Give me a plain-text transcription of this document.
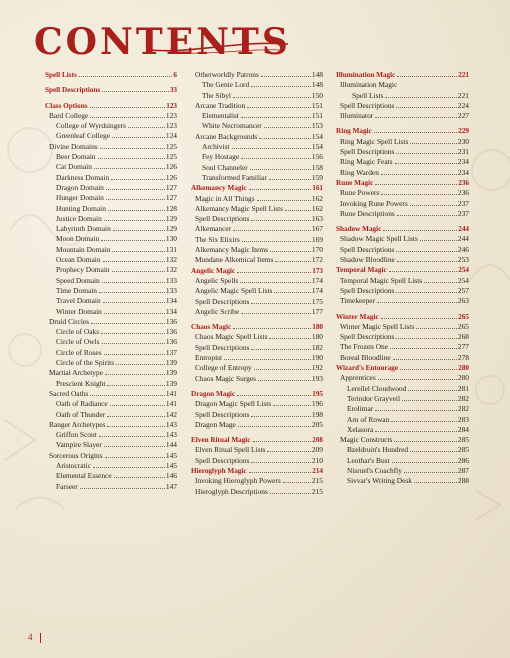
CONTENTS
Spell Lists	6
Spell Descriptions	33
Class Options	123
Bard College	123
College of Wyrdsingers	123
Greenleaf College	124
Divine Domains	125
Beer Domain	125
Cat Domain	126
Darkness Domain	126
Dragon Domain	127
Hunger Domain	127
Hunting Domain	128
Justice Domain	129
Labyrinth Domain	129
Moon Domain	130
Mountain Domain	131
Ocean Domain	132
Prophecy Domain	132
Speed Domain	133
Time Domain	133
Travel Domain	134
Winter Domain	134
Druid Circles	136
Circle of Oaks	136
Circle of Owls	136
Circle of Roses	137
Circle of the Spirits	139
Martial Archetype	139
Prescient Knight	139
Sacred Oaths	141
Oath of Radiance	141
Oath of Thunder	142
Ranger Archetypes	143
Griffon Scout	143
Vampire Slayer	144
Sorcerous Origins	145
Aristocratic	145
Elemental Essence	146
Farseer	147
Otherworldly Patrons	148
The Genie Lord	148
The Sibyl	150
Arcane Tradition	151
Elementalist	151
White Necromancer	153
Arcane Backgrounds	154
Archivist	154
Fey Hostage	156
Soul Channeler	158
Transformed Familiar	159
Alkemancy Magic	161
Magic in All Things	162
Alkemancy Magic Spell Lists	162
Spell Descriptions	163
Alkemancer	167
The Six Elixirs	169
Alkemancy Magic Items	170
Mundane Alkemical Items	172
Angelic Magic	173
Angelic Spells	174
Angelic Magic Spell Lists	174
Spell Descriptions	175
Angelic Scribe	177
Chaos Magic	180
Chaos Magic Spell Lists	180
Spell Descriptions	182
Entropist	190
College of Entropy	192
Chaos Magic Surges	193
Dragon Magic	195
Dragon Magic Spell Lists	196
Spell Descriptions	198
Dragon Mage	205
Elven Ritual Magic	208
Elven Ritual Spell Lists	209
Spell Descriptions	210
Hieroglyph Magic	214
Invoking Hieroglyph Powers	215
Hieroglyph Descriptions	215
Illumination Magic	221
Illumination Magic
Spell Lists	221
Spell Descriptions	224
Illuminator	227
Ring Magic	229
Ring Magic Spell Lists	230
Spell Descriptions	231
Ring Magic Feats	234
Ring Warden	234
Rune Magic	236
Rune Powers	236
Invoking Rune Powers	237
Rune Descriptions	237
Shadow Magic	244
Shadow Magic Spell Lists	244
Spell Descriptions	246
Shadow Bloodline	253
Temporal Magic	254
Temporal Magic Spell Lists	254
Spell Descriptions	257
Timekeeper	263
Winter Magic	265
Winter Magic Spell Lists	265
Spell Descriptions	268
The Frozen One	277
Boreal Bloodline	278
Wizard's Entourage	280
Apprentices	280
Lereilel Cloudwood	281
Terindor Grayveil	282
Erolimar	282
Arn of Rowan	283
Xelasora	284
Magic Constructs	285
Bzeldruin's Hundred	285
Leothar's Bust	286
Nisruel's Coachfly	287
Sivvar's Writing Desk	288
4
